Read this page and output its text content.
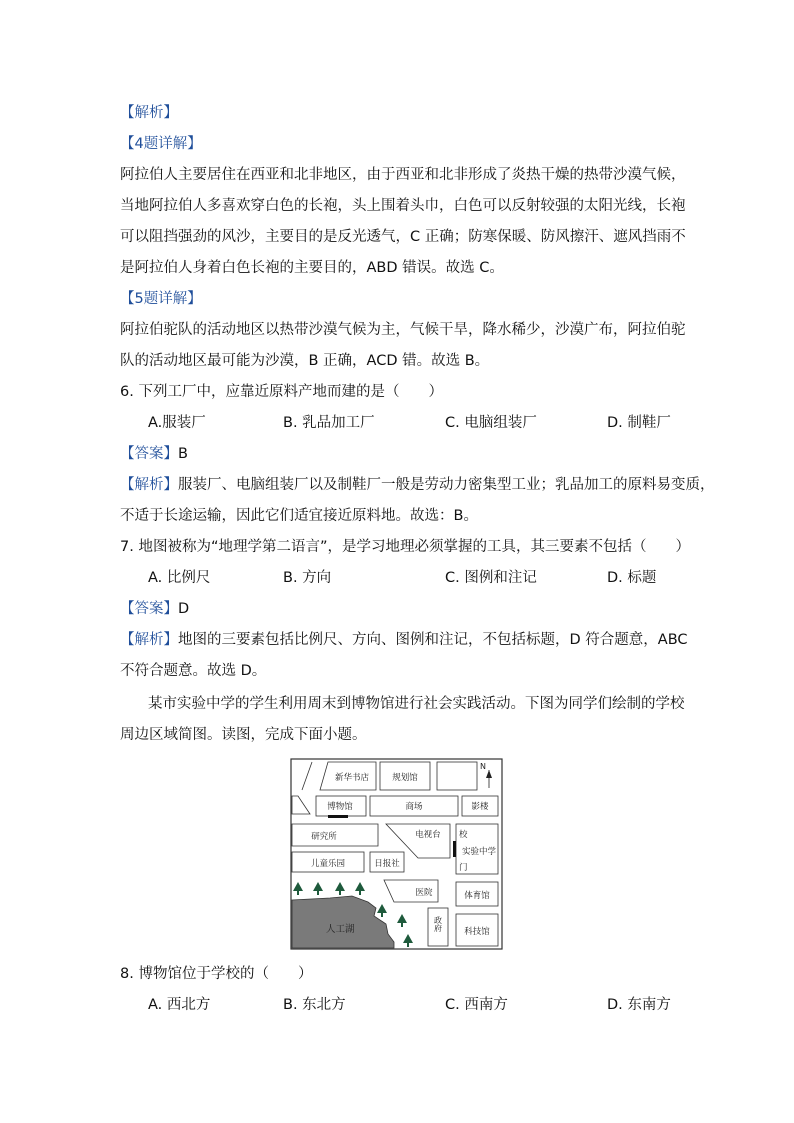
【解析】
【4题详解】
阿拉伯人主要居住在西亚和北非地区，由于西亚和北非形成了炎热干燥的热带沙漠气候，
当地阿拉伯人多喜欢穿白色的长袍，头上围着头巾，白色可以反射较强的太阳光线，长袍
可以阻挡强劲的风沙，主要目的是反光透气，C 正确；防寒保暖、防风擦汗、遮风挡雨不
是阿拉伯人身着白色长袍的主要目的，ABD 错误。故选 C。
【5题详解】
阿拉伯驼队的活动地区以热带沙漠气候为主，气候干旱，降水稀少，沙漠广布，阿拉伯驼
队的活动地区最可能为沙漠，B 正确，ACD 错。故选 B。
6. 下列工厂中，应靠近原料产地而建的是（　　）
A.服装厂	B. 乳品加工厂	C. 电脑组装厂	D. 制鞋厂
【答案】B
【解析】服装厂、电脑组装厂以及制鞋厂一般是劳动力密集型工业；乳品加工的原料易变质，
不适于长途运输，因此它们适宜接近原料地。故选：B。
7. 地图被称为“地理学第二语言”，是学习地理必须掌握的工具，其三要素不包括（　　）
A. 比例尺	B. 方向	C. 图例和注记	D. 标题
【答案】D
【解析】地图的三要素包括比例尺、方向、图例和注记，不包括标题，D 符合题意，ABC
不符合题意。故选 D。
某市实验中学的学生利用周末到博物馆进行社会实践活动。下图为同学们绘制的学校
周边区域简图。读图，完成下面小题。
N
新华书店	规划馆
博物馆	商场	影楼
研究所	电视台 校
实验中学
门
儿童乐园	日报社
医院	体育馆
人工湖	政府	科技馆
8. 博物馆位于学校的（　　）
A. 西北方	B. 东北方	C. 西南方	D. 东南方
